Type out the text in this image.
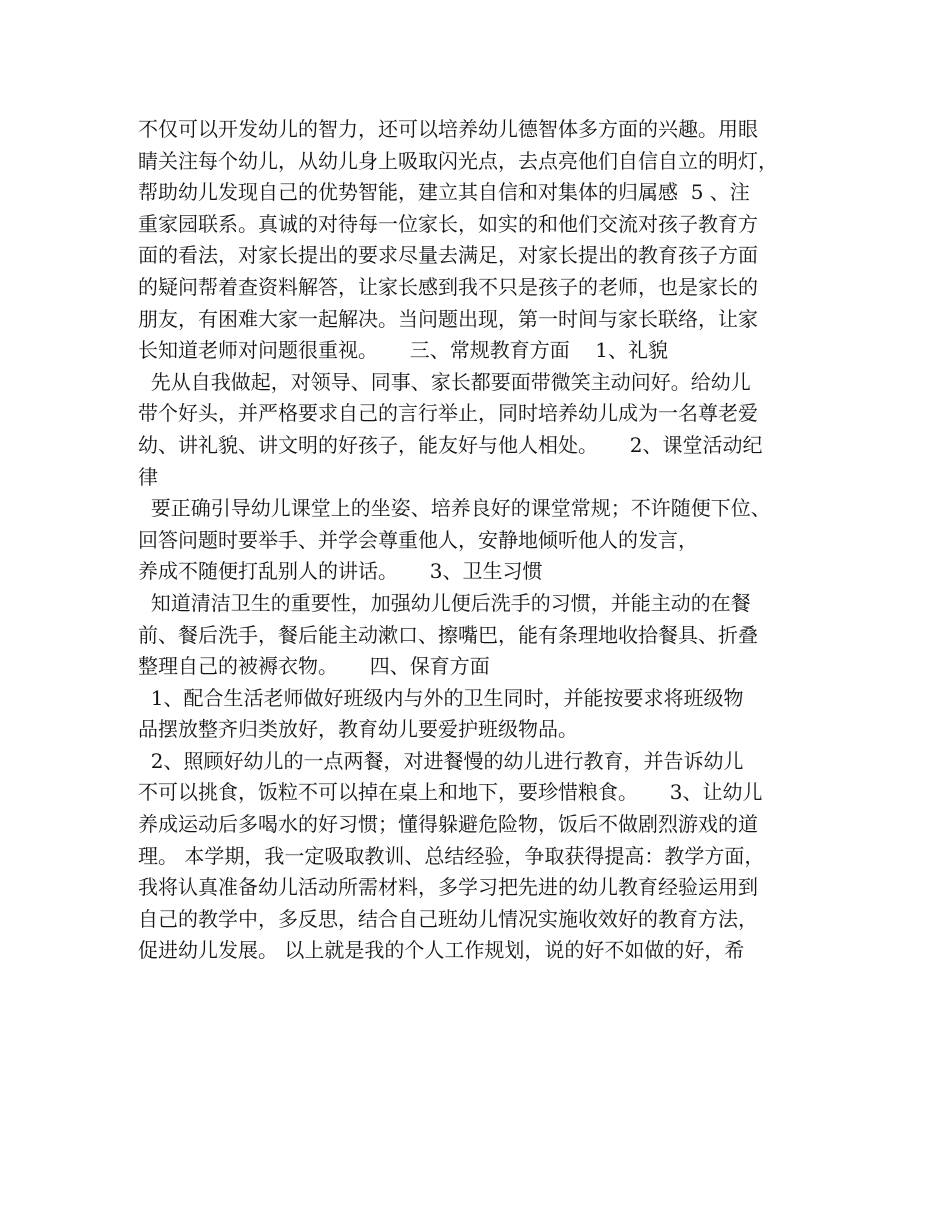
不仅可以开发幼儿的智力，还可以培养幼儿德智体多方面的兴趣。用眼
睛关注每个幼儿，从幼儿身上吸取闪光点，去点亮他们自信自立的明灯，
帮助幼儿发现自己的优势智能，建立其自信和对集体的归属感  5 、注
重家园联系。真诚的对待每一位家长，如实的和他们交流对孩子教育方
面的看法，对家长提出的要求尽量去满足，对家长提出的教育孩子方面
的疑问帮着查资料解答，让家长感到我不只是孩子的老师，也是家长的
朋友，有困难大家一起解决。当问题出现，第一时间与家长联络，让家
长知道老师对问题很重视。     三、常规教育方面    1、礼貌
先从自我做起，对领导、同事、家长都要面带微笑主动问好。给幼儿
带个好头，并严格要求自己的言行举止，同时培养幼儿成为一名尊老爱
幼、讲礼貌、讲文明的好孩子，能友好与他人相处。     2、课堂活动纪
律
要正确引导幼儿课堂上的坐姿、培养良好的课堂常规；不许随便下位、
回答问题时要举手、并学会尊重他人，安静地倾听他人的发言，
养成不随便打乱别人的讲话。     3、卫生习惯
知道清洁卫生的重要性，加强幼儿便后洗手的习惯，并能主动的在餐
前、餐后洗手，餐后能主动漱口、擦嘴巴，能有条理地收拾餐具、折叠
整理自己的被褥衣物。     四、保育方面
1、配合生活老师做好班级内与外的卫生同时，并能按要求将班级物
品摆放整齐归类放好，教育幼儿要爱护班级物品。
2、照顾好幼儿的一点两餐，对进餐慢的幼儿进行教育，并告诉幼儿
不可以挑食，饭粒不可以掉在桌上和地下，要珍惜粮食。     3、让幼儿
养成运动后多喝水的好习惯；懂得躲避危险物，饭后不做剧烈游戏的道
理。 本学期，我一定吸取教训、总结经验，争取获得提高：教学方面，
我将认真准备幼儿活动所需材料，多学习把先进的幼儿教育经验运用到
自己的教学中，多反思，结合自己班幼儿情况实施收效好的教育方法，
促进幼儿发展。 以上就是我的个人工作规划，说的好不如做的好，希
